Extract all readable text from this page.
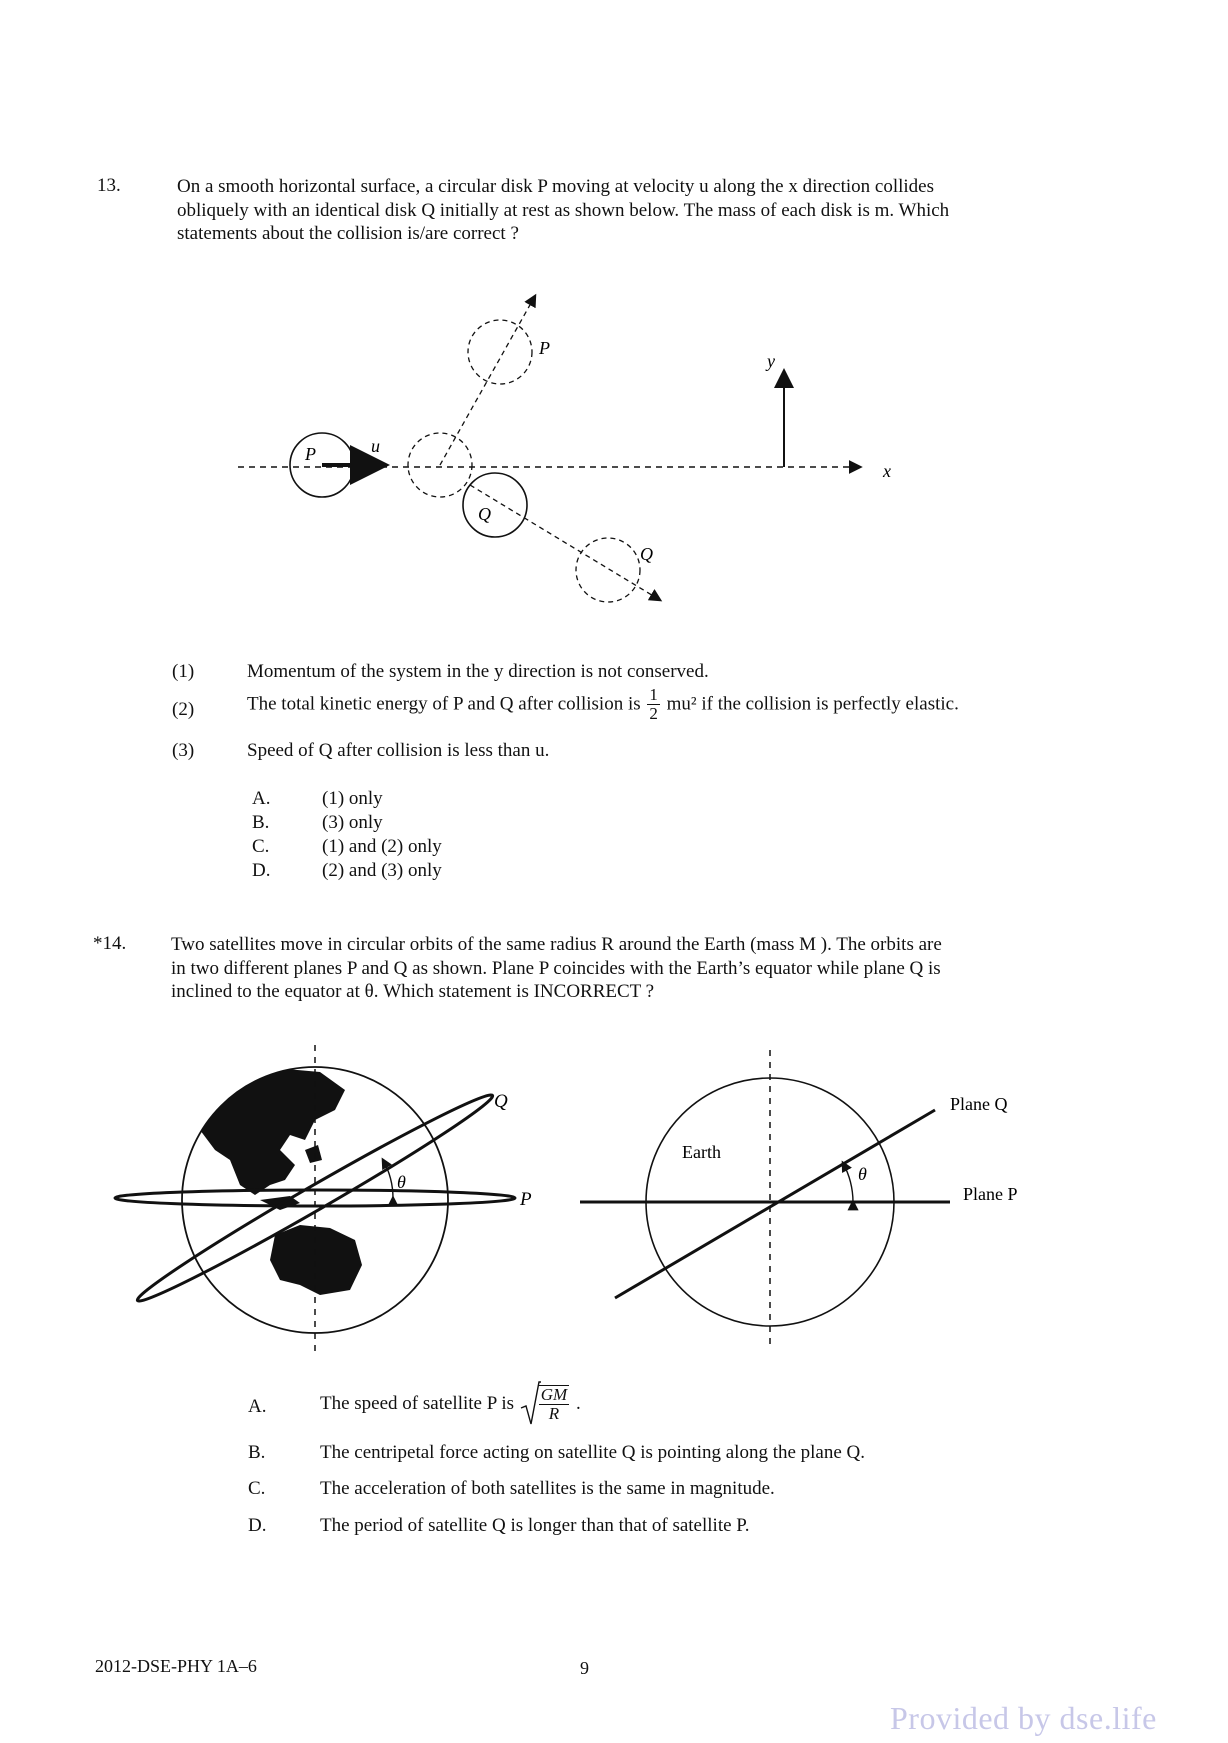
13.	On a smooth horizontal surface, a circular disk P moving at velocity u along the x direction collides
obliquely with an identical disk Q initially at rest as shown below. The mass of each disk is m. Which
statements about the collision is/are correct ?
y
x
P	u
Q
P
Q
(1)	Momentum of the system in the y direction is not conserved.
(2)	The total kinetic energy of P and Q after collision is $\frac{1}{2} mu^2$ if the collision is perfectly elastic.
(3)	Speed of Q after collision is less than u.
A.	(1) only
B.	(3) only
C.	(1) and (2) only
D.	(2) and (3) only
*14. Two satellites move in circular orbits of the same radius R around the Earth (mass M ). The orbits are
in two different planes P and Q as shown. Plane P coincides with the Earth’s equator while plane Q is
inclined to the equator at θ. Which statement is INCORRECT ?
θ
Q
P
θ
Earth
Plane Q
Plane P
A.	The speed of satellite P is $\frac{GM}{R}$ .
B.	The centripetal force acting on satellite Q is pointing along the plane Q.
C.	The acceleration of both satellites is the same in magnitude.
D.	The period of satellite Q is longer than that of satellite P.
2012-DSE-PHY 1A–6	9
Provided by dse.life
